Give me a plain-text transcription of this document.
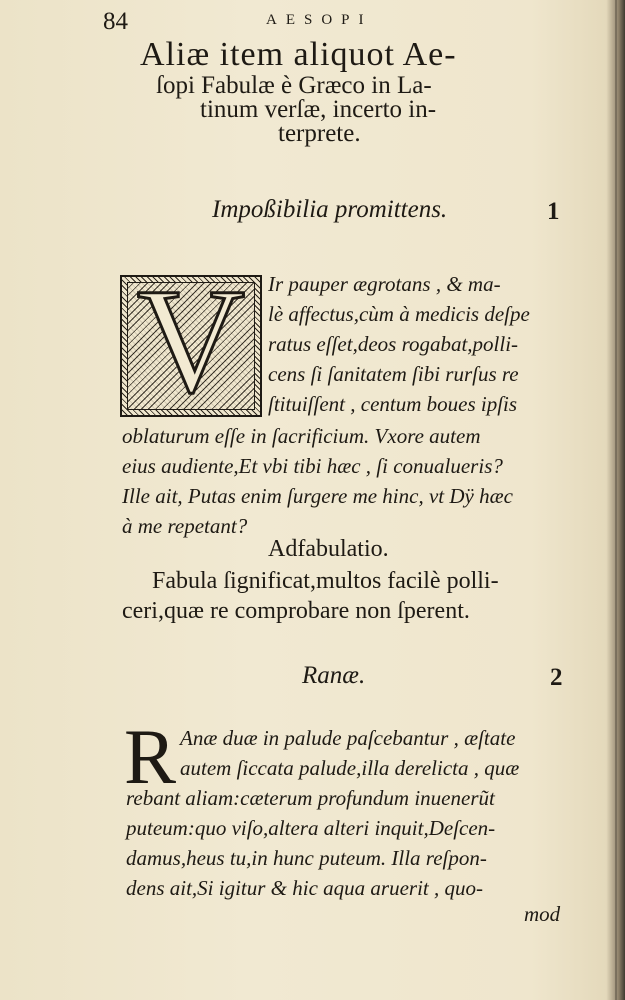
84	AESOPI
Aliæ item aliquot Ae-
ſopi Fabulæ è Græco in La-
tinum verſæ, incerto in-
terprete.
Impoßibilia promittens.	1
V Ir pauper ægrotans , & ma-
lè affectus,cùm à medicis deſpe
ratus eſſet,deos rogabat,polli-
cens ſi ſanitatem ſibi rurſus re
ſtituiſſent , centum boues ipſis
oblaturum eſſe in ſacrificium. Vxore autem
eius audiente,Et vbi tibi hæc , ſi conualueris?
Ille ait, Putas enim ſurgere me hinc, vt Dÿ hæc
à me repetant?
Adfabulatio.
Fabula ſignificat,multos facilè polli-
ceri,quæ re comprobare non ſperent.
Ranæ.	2
R Anæ duæ in palude paſcebantur , æſtate
autem ſiccata palude,illa derelicta , quæ
rebant aliam:cæterum profundum inuenerũt
puteum:quo viſo,altera alteri inquit,Deſcen-
damus,heus tu,in hunc puteum. Illa reſpon-
dens ait,Si igitur & hic aqua aruerit , quo-
mod
